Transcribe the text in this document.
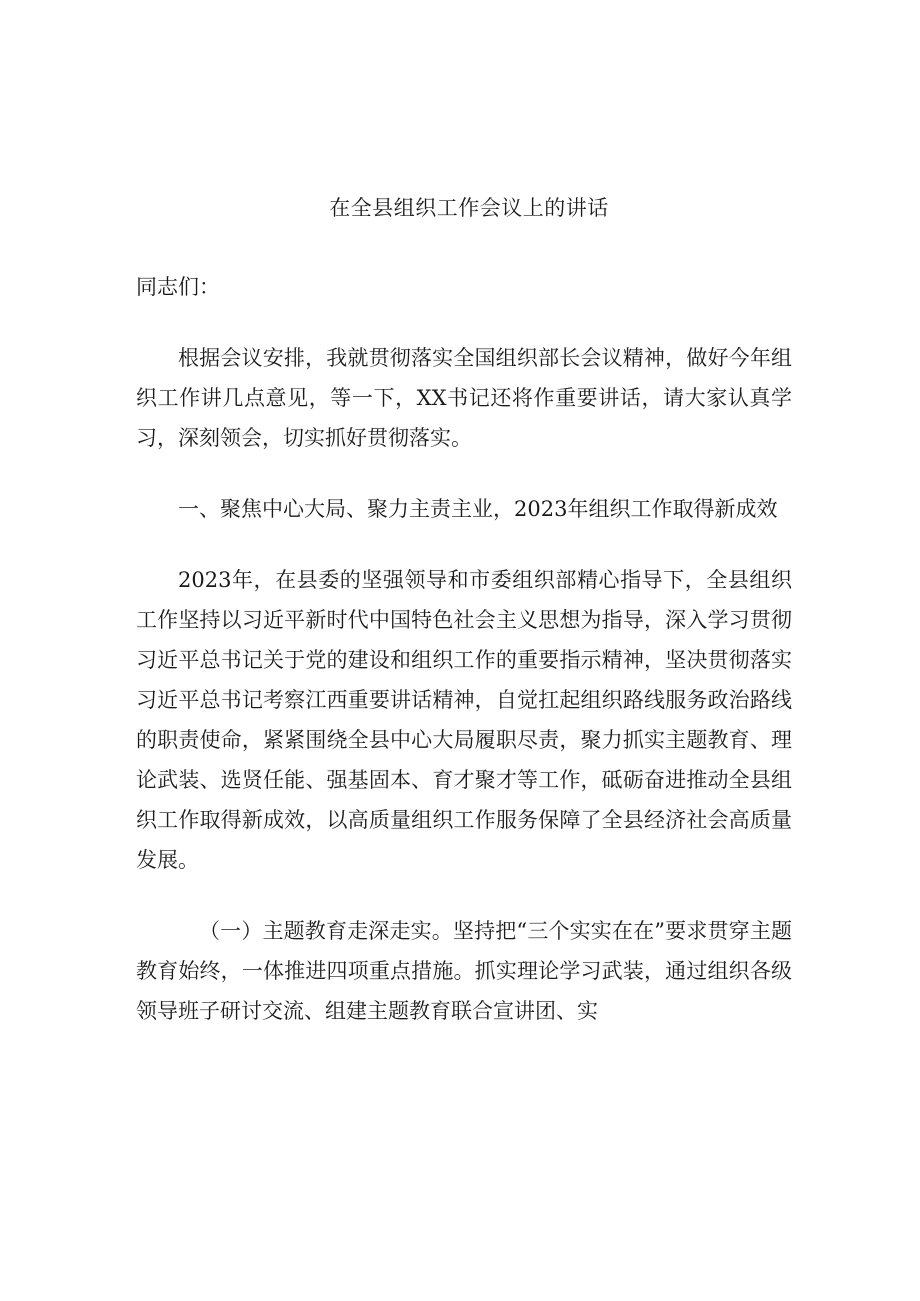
在全县组织工作会议上的讲话

同志们：

根据会议安排，我就贯彻落实全国组织部长会议精神，做好今年组织工作讲几点意见，等一下，XX书记还将作重要讲话，请大家认真学习，深刻领会，切实抓好贯彻落实。

一、聚焦中心大局、聚力主责主业，2023年组织工作取得新成效

2023年，在县委的坚强领导和市委组织部精心指导下，全县组织工作坚持以习近平新时代中国特色社会主义思想为指导，深入学习贯彻习近平总书记关于党的建设和组织工作的重要指示精神，坚决贯彻落实习近平总书记考察江西重要讲话精神，自觉扛起组织路线服务政治路线的职责使命，紧紧围绕全县中心大局履职尽责，聚力抓实主题教育、理论武装、选贤任能、强基固本、育才聚才等工作，砥砺奋进推动全县组织工作取得新成效，以高质量组织工作服务保障了全县经济社会高质量发展。

（一）主题教育走深走实。坚持把“三个实实在在”要求贯穿主题教育始终，一体推进四项重点措施。抓实理论学习武装，通过组织各级领导班子研讨交流、组建主题教育联合宣讲团、实
